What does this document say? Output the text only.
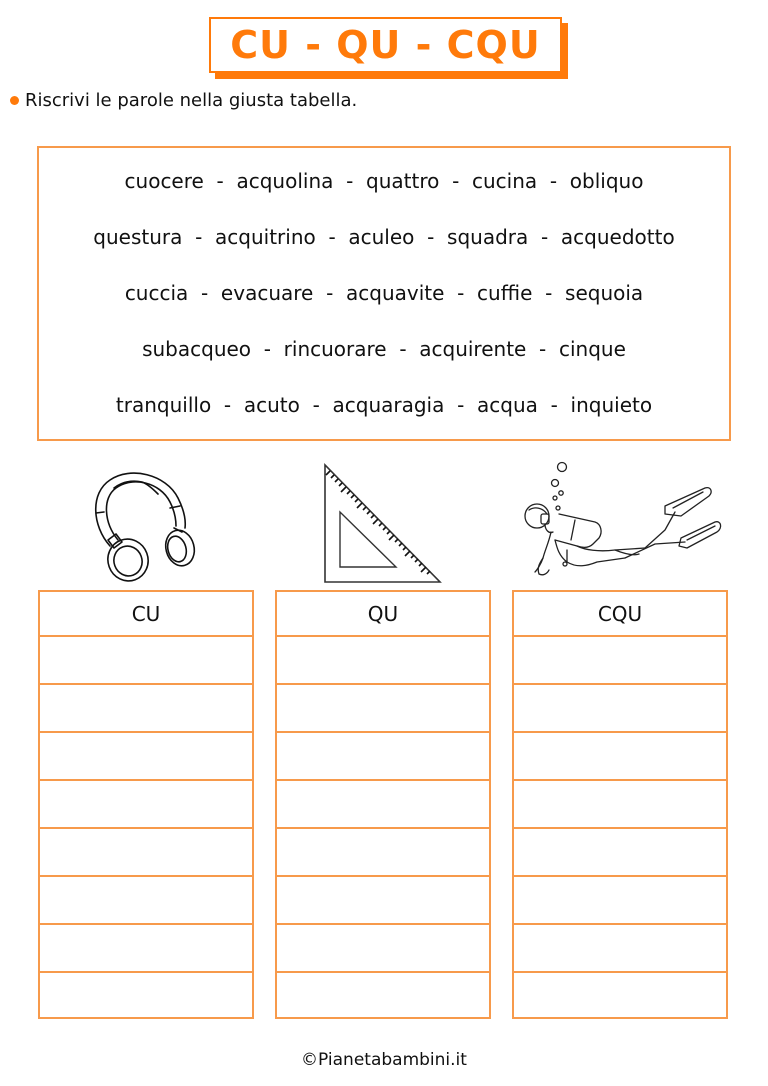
CU - QU - CQU
Riscrivi le parole nella giusta tabella.
cuocere  -  acquolina  -  quattro  -  cucina  -  obliquo
questura  -  acquitrino  -  aculeo  -  squadra  -  acquedotto
cuccia  -  evacuare  -  acquavite  -  cuffie  -  sequoia
subacqueo  -  rincuorare  -  acquirente  -  cinque
tranquillo  -  acuto  -  acquaragia  -  acqua  -  inquieto
CU	QU	CQU
©Pianetabambini.it
